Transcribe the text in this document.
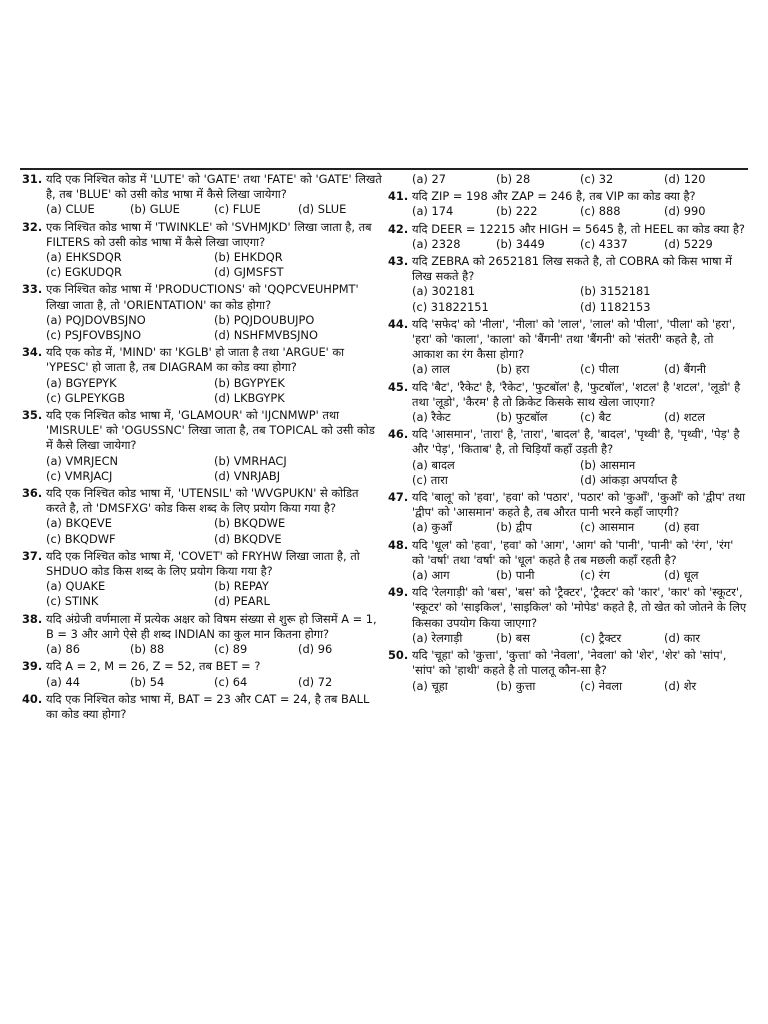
31. यदि एक निश्चित कोड में 'LUTE' को 'GATE' तथा 'FATE' को 'GATE' लिखते है, तब 'BLUE' को उसी कोड भाषा में कैसे लिखा जायेगा?
(a) CLUE	(b) GLUE	(c) FLUE	(d) SLUE
32. एक निश्चित कोड भाषा में 'TWINKLE' को 'SVHMJKD' लिखा जाता है, तब FILTERS को उसी कोड भाषा में कैसे लिखा जाएगा?
(a) EHKSDQR	(b) EHKDQR
(c) EGKUDQR	(d) GJMSFST
33. एक निश्चित कोड भाषा में 'PRODUCTIONS' को 'QQPCVEUHPMT' लिखा जाता है, तो 'ORIENTATION' का कोड होगा?
(a) PQJDOVBSJNO	(b) PQJDOUBUJPO
(c) PSJFOVBSJNO	(d) NSHFMVBSJNO
34. यदि एक कोड में, 'MIND' का 'KGLB' हो जाता है तथा 'ARGUE' का 'YPESC' हो जाता है, तब DIAGRAM का कोड क्या होगा?
(a) BGYEPYK	(b) BGYPYEK
(c) GLPEYKGB	(d) LKBGYPK
35. यदि एक निश्चित कोड भाषा में, 'GLAMOUR' को 'IJCNMWP' तथा 'MISRULE' को 'OGUSSNC' लिखा जाता है, तब TOPICAL को उसी कोड में कैसे लिखा जायेगा?
(a) VMRJECN	(b) VMRHACJ
(c) VMRJACJ	(d) VNRJABJ
36. यदि एक निश्चित कोड भाषा में, 'UTENSIL' को 'WVGPUKN' से कोडित करते है, तो 'DMSFXG' कोड किस शब्द के लिए प्रयोग किया गया है?
(a) BKQEVE	(b) BKQDWE
(c) BKQDWF	(d) BKQDVE
37. यदि एक निश्चित कोड भाषा में, 'COVET' को FRYHW लिखा जाता है, तो SHDUO कोड किस शब्द के लिए प्रयोग किया गया है?
(a) QUAKE	(b) REPAY
(c) STINK	(d) PEARL
38. यदि अंग्रेजी वर्णमाला में प्रत्येक अक्षर को विषम संख्या से शुरू हो जिसमें A = 1, B = 3 और आगे ऐसे ही शब्द INDIAN का कुल मान कितना होगा?
(a) 86	(b) 88	(c) 89	(d) 96
39. यदि A = 2, M = 26, Z = 52, तब BET = ?
(a) 44	(b) 54	(c) 64	(d) 72
40. यदि एक निश्चित कोड भाषा में, BAT = 23 और CAT = 24, है तब BALL का कोड क्या होगा?
(a) 27	(b) 28	(c) 32	(d) 120
41. यदि ZIP = 198 और ZAP = 246 है, तब VIP का कोड क्या है?
(a) 174	(b) 222	(c) 888	(d) 990
42. यदि DEER = 12215 और HIGH = 5645 है, तो HEEL का कोड क्या है?
(a) 2328	(b) 3449	(c) 4337	(d) 5229
43. यदि ZEBRA को 2652181 लिख सकते है, तो COBRA को किस भाषा में लिख सकते है?
(a) 302181	(b) 3152181
(c) 31822151	(d) 1182153
44. यदि 'सफेद' को 'नीला', 'नीला' को 'लाल', 'लाल' को 'पीला', 'पीला' को 'हरा', 'हरा' को 'काला', 'काला' को 'बैंगनी' तथा 'बैंगनी' को 'संतरी' कहते है, तो आकाश का रंग कैसा होगा?
(a) लाल	(b) हरा	(c) पीला	(d) बैंगनी
45. यदि 'बैट', 'रैकेट' है, 'रैकेट', 'फुटबॉल' है, 'फुटबॉल', 'शटल' है 'शटल', 'लूडो' है तथा 'लूडो', 'कैरम' है तो क्रिकेट किसके साथ खेला जाएगा?
(a) रैकेट	(b) फुटबॉल	(c) बैट	(d) शटल
46. यदि 'आसमान', 'तारा' है, 'तारा', 'बादल' है, 'बादल', 'पृथ्वी' है, 'पृथ्वी', 'पेड़' है और 'पेड़', 'किताब' है, तो चिड़ियाँ कहाँ उड़ती है?
(a) बादल	(b) आसमान
(c) तारा	(d) आंकड़ा अपर्याप्त है
47. यदि 'बालू' को 'हवा', 'हवा' को 'पठार', 'पठार' को 'कुआँ', 'कुआँ' को 'द्वीप' तथा 'द्वीप' को 'आसमान' कहते है, तब औरत पानी भरने कहाँ जाएगी?
(a) कुआँ	(b) द्वीप	(c) आसमान	(d) हवा
48. यदि 'धूल' को 'हवा', 'हवा' को 'आग', 'आग' को 'पानी', 'पानी' को 'रंग', 'रंग' को 'वर्षा' तथा 'वर्षा' को 'धूल' कहते है तब मछली कहाँ रहती है?
(a) आग	(b) पानी	(c) रंग	(d) धूल
49. यदि 'रेलगाड़ी' को 'बस', 'बस' को 'ट्रैक्टर', 'ट्रैक्टर' को 'कार', 'कार' को 'स्कूटर', 'स्कूटर' को 'साइकिल', 'साइकिल' को 'मोपेड' कहते है, तो खेत को जोतने के लिए किसका उपयोग किया जाएगा?
(a) रेलगाड़ी	(b) बस	(c) ट्रैक्टर	(d) कार
50. यदि 'चूहा' को 'कुत्ता', 'कुत्ता' को 'नेवला', 'नेवला' को 'शेर', 'शेर' को 'सांप', 'सांप' को 'हाथी' कहते है तो पालतू कौन-सा है?
(a) चूहा	(b) कुत्ता	(c) नेवला	(d) शेर
